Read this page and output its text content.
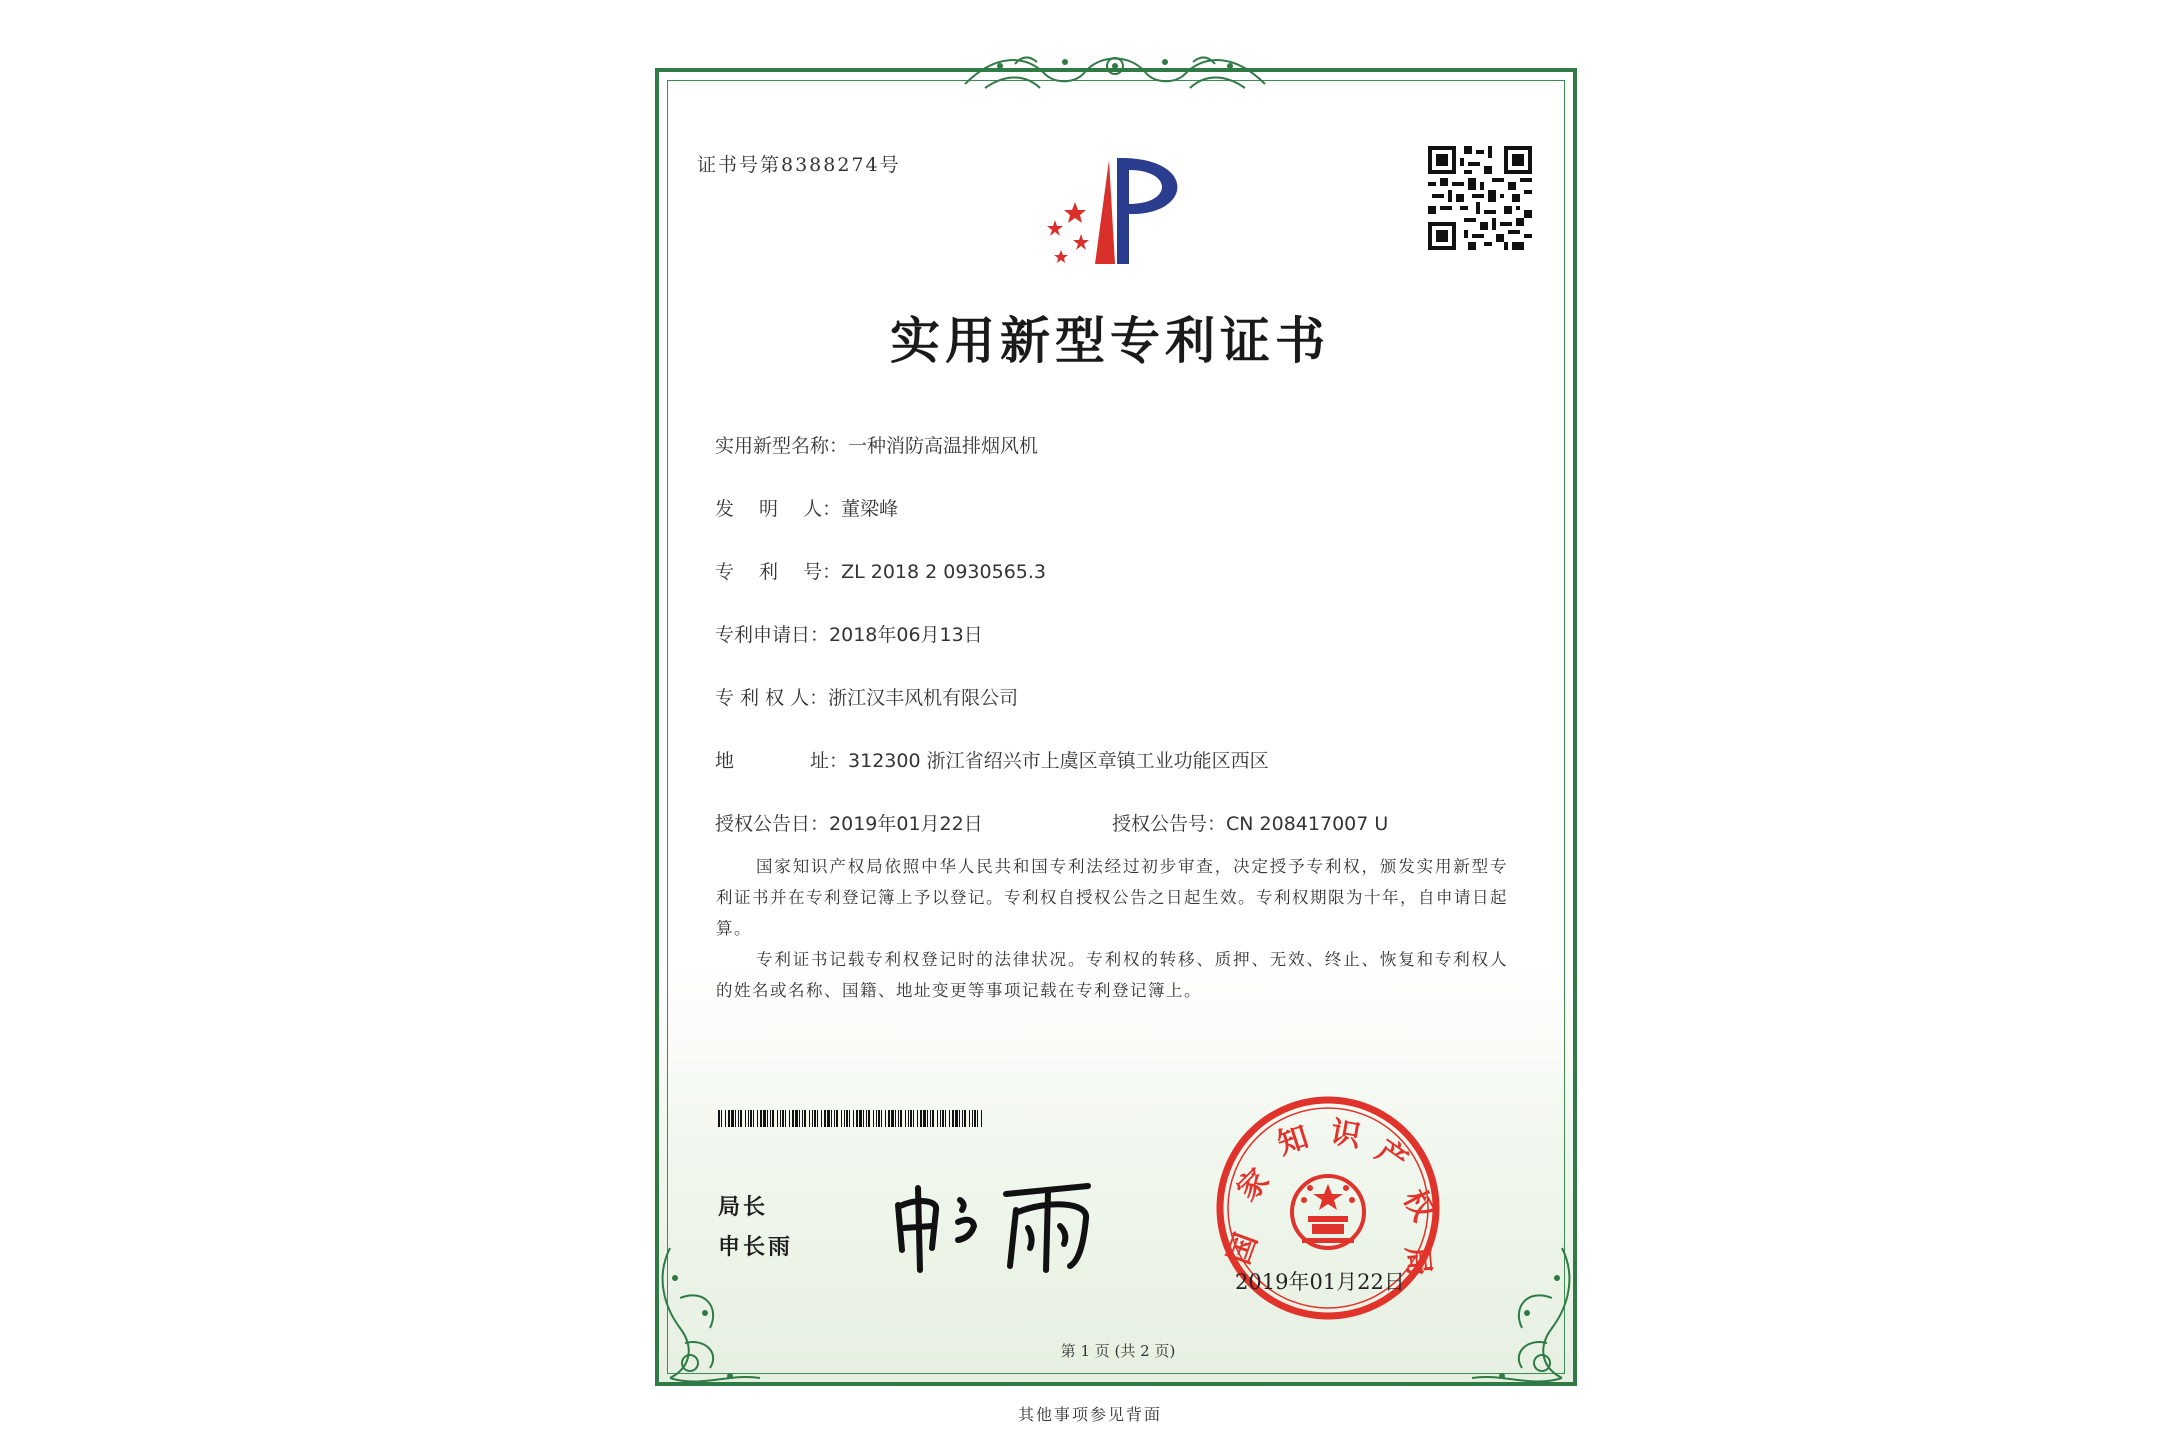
证书号第8388274号
实用新型专利证书
实用新型名称：一种消防高温排烟风机
发　 明　 人：董梁峰
专　 利　 号：ZL 2018 2 0930565.3
专利申请日：2018年06月13日
专 利 权 人：浙江汉丰风机有限公司
地　　　　址：312300 浙江省绍兴市上虞区章镇工业功能区西区
授权公告日：2019年01月22日	授权公告号：CN 208417007 U
国家知识产权局依照中华人民共和国专利法经过初步审查，决定授予专利权，颁发实用新型专利证书并在专利登记簿上予以登记。专利权自授权公告之日起生效。专利权期限为十年，自申请日起算。
专利证书记载专利权登记时的法律状况。专利权的转移、质押、无效、终止、恢复和专利权人的姓名或名称、国籍、地址变更等事项记载在专利登记簿上。
局长
申长雨	国
家
知 识 产
权
局
2019年01月22日
第 1 页 (共 2 页)
其他事项参见背面
